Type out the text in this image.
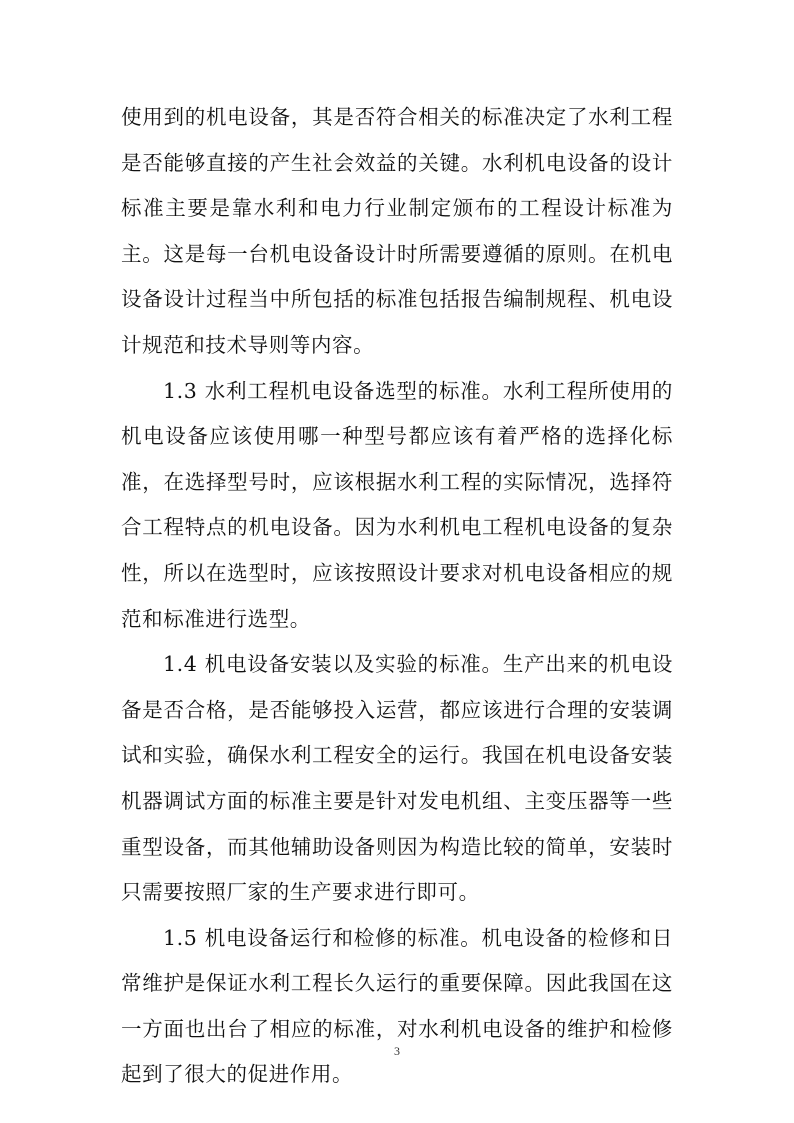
使用到的机电设备，其是否符合相关的标准决定了水利工程是否能够直接的产生社会效益的关键。水利机电设备的设计标准主要是靠水利和电力行业制定颁布的工程设计标准为主。这是每一台机电设备设计时所需要遵循的原则。在机电设备设计过程当中所包括的标准包括报告编制规程、机电设计规范和技术导则等内容。

1.3 水利工程机电设备选型的标准。水利工程所使用的机电设备应该使用哪一种型号都应该有着严格的选择化标准，在选择型号时，应该根据水利工程的实际情况，选择符合工程特点的机电设备。因为水利机电工程机电设备的复杂性，所以在选型时，应该按照设计要求对机电设备相应的规范和标准进行选型。

1.4 机电设备安装以及实验的标准。生产出来的机电设备是否合格，是否能够投入运营，都应该进行合理的安装调试和实验，确保水利工程安全的运行。我国在机电设备安装机器调试方面的标准主要是针对发电机组、主变压器等一些重型设备，而其他辅助设备则因为构造比较的简单，安装时只需要按照厂家的生产要求进行即可。

1.5 机电设备运行和检修的标准。机电设备的检修和日常维护是保证水利工程长久运行的重要保障。因此我国在这一方面也出台了相应的标准，对水利机电设备的维护和检修起到了很大的促进作用。

3
